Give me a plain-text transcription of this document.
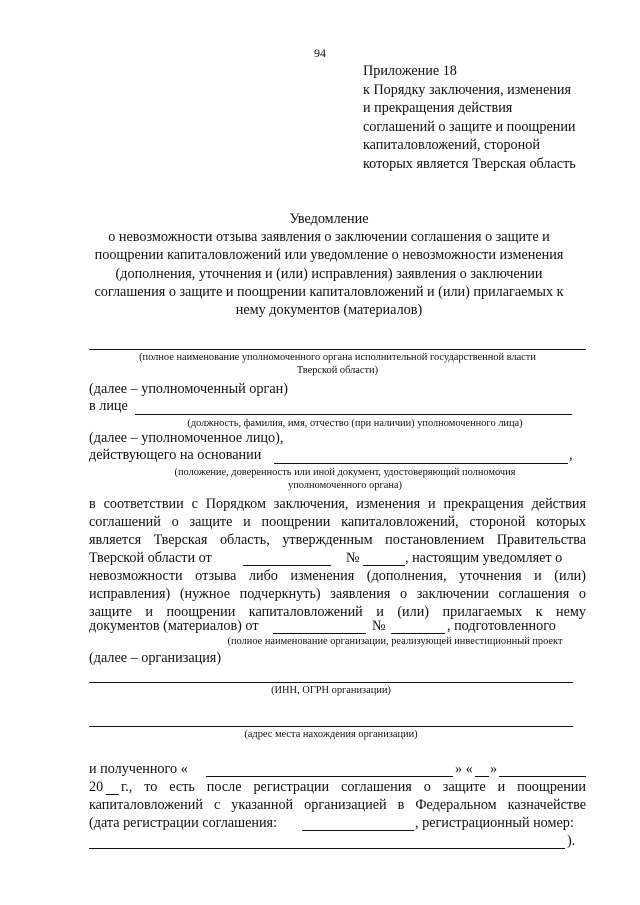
94
Приложение 18
к Порядку заключения, изменения
и прекращения действия
соглашений о защите и поощрении
капиталовложений, стороной
которых является Тверская область
Уведомление
о невозможности отзыва заявления о заключении соглашения о защите и
поощрении капиталовложений или уведомление о невозможности изменения
(дополнения, уточнения и (или) исправления) заявления о заключении
соглашения о защите и поощрении капиталовложений и (или) прилагаемых к
нему документов (материалов)
(полное наименование уполномоченного органа исполнительной государственной власти
Тверской области)
(далее – уполномоченный орган)
в лице
(должность, фамилия, имя, отчество (при наличии) уполномоченного лица)
(далее – уполномоченное лицо),
действующего на основании	,
(положение, доверенность или иной документ, удостоверяющий полномочия
уполномоченного органа)
в соответствии с Порядком заключения, изменения и прекращения действия
соглашений о защите и поощрении капиталовложений, стороной которых
является Тверская область, утвержденным постановлением Правительства
Тверской области от	№	, настоящим уведомляет о
невозможности отзыва либо изменения (дополнения, уточнения и (или)
исправления) (нужное подчеркнуть) заявления о заключении соглашения о
защите и поощрении капиталовложений и (или) прилагаемых к нему
документов (материалов) от	№	, подготовленного
(полное наименование организации, реализующей инвестиционный проект
(далее – организация)
(ИНН, ОГРН организации)
(адрес места нахождения организации)
и полученного «	» « »
20 г., то есть после регистрации соглашения о защите и поощрении
капиталовложений с указанной организацией в Федеральном казначействе
(дата регистрации соглашения:	, регистрационный номер:
).
